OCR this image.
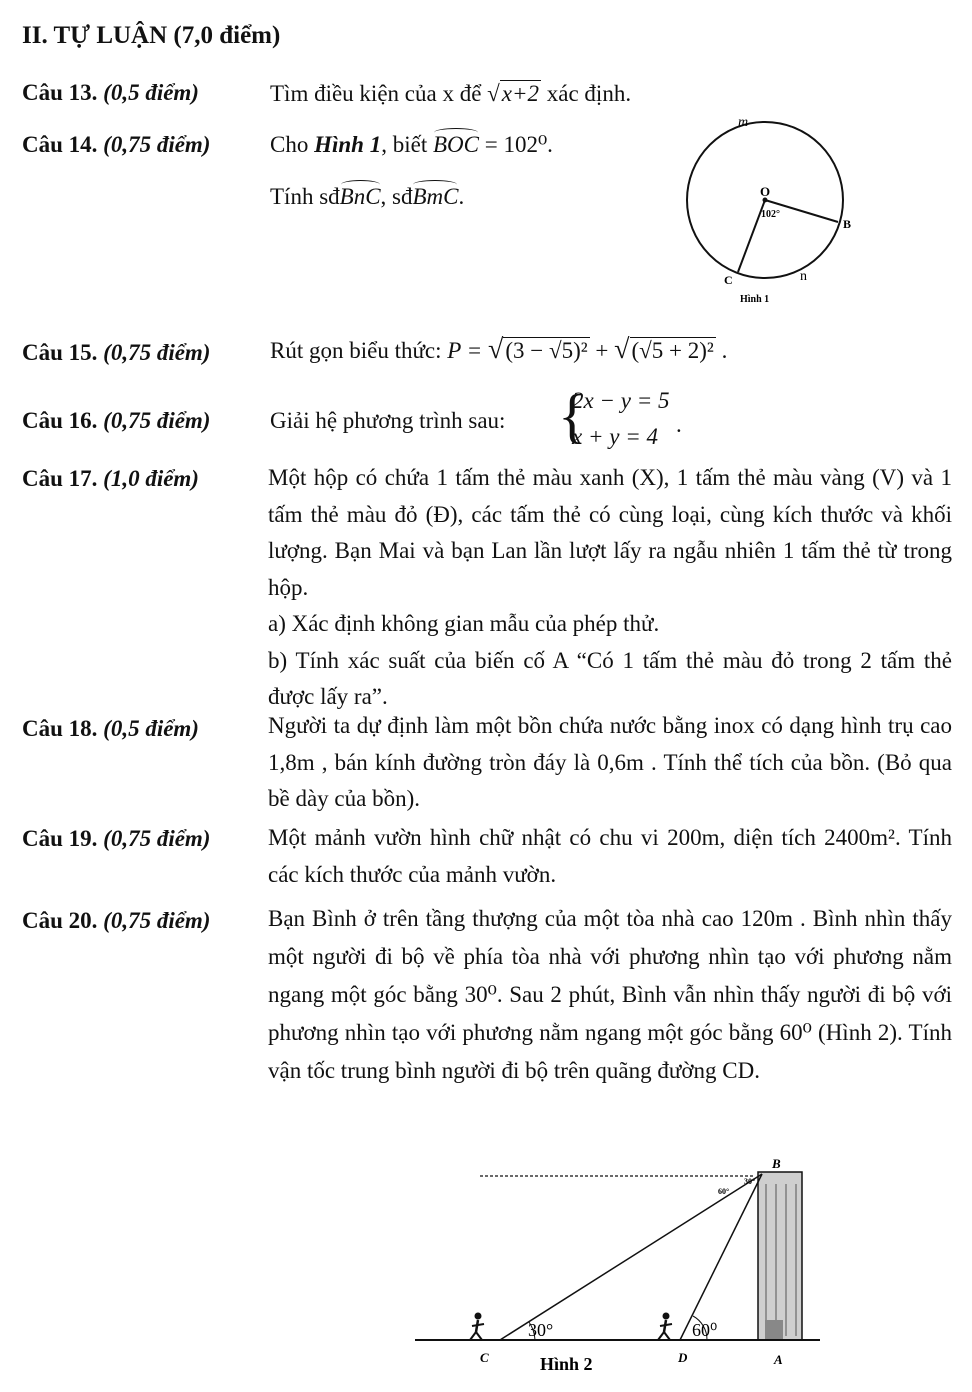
II. TỰ LUẬN (7,0 điểm)
Câu 13. (0,5 điểm)	Tìm điều kiện của x để √x+2 xác định.
Câu 14. (0,75 điểm)	Cho Hình 1, biết BOC = 102⁰.
Tính sđBnC, sđBmC.
m
O
102°
B
C	n
Hình 1
Câu 15. (0,75 điểm)	Rút gọn biểu thức: P = √(3 − √5)² + √(√5 + 2)² .
Câu 16. (0,75 điểm)	Giải hệ phương trình sau: {
2x − y = 5
x + y = 4 .
Câu 17. (1,0 điểm)	Một hộp có chứa 1 tấm thẻ màu xanh (X), 1 tấm thẻ màu vàng (V) và 1 tấm thẻ màu đỏ (Đ), các tấm thẻ có cùng loại, cùng kích thước và khối lượng. Bạn Mai và bạn Lan lần lượt lấy ra ngẫu nhiên 1 tấm thẻ từ trong hộp.
a) Xác định không gian mẫu của phép thử.
b) Tính xác suất của biến cố A “Có 1 tấm thẻ màu đỏ trong 2 tấm thẻ được lấy ra”.
Câu 18. (0,5 điểm)	Người ta dự định làm một bồn chứa nước bằng inox có dạng hình trụ cao 1,8m , bán kính đường tròn đáy là 0,6m . Tính thể tích của bồn. (Bỏ qua bề dày của bồn).
Câu 19. (0,75 điểm)	Một mảnh vườn hình chữ nhật có chu vi 200m, diện tích 2400m². Tính các kích thước của mảnh vườn.
Câu 20. (0,75 điểm)	Bạn Bình ở trên tầng thượng của một tòa nhà cao 120m . Bình nhìn thấy một người đi bộ về phía tòa nhà với phương nhìn tạo với phương nằm ngang một góc bằng 30⁰. Sau 2 phút, Bình vẫn nhìn thấy người đi bộ với phương nhìn tạo với phương nằm ngang một góc bằng 60⁰ (Hình 2). Tính vận tốc trung bình người đi bộ trên quãng đường CD.
B
60°
30°
30°	60⁰
C	Hình 2	D	A
